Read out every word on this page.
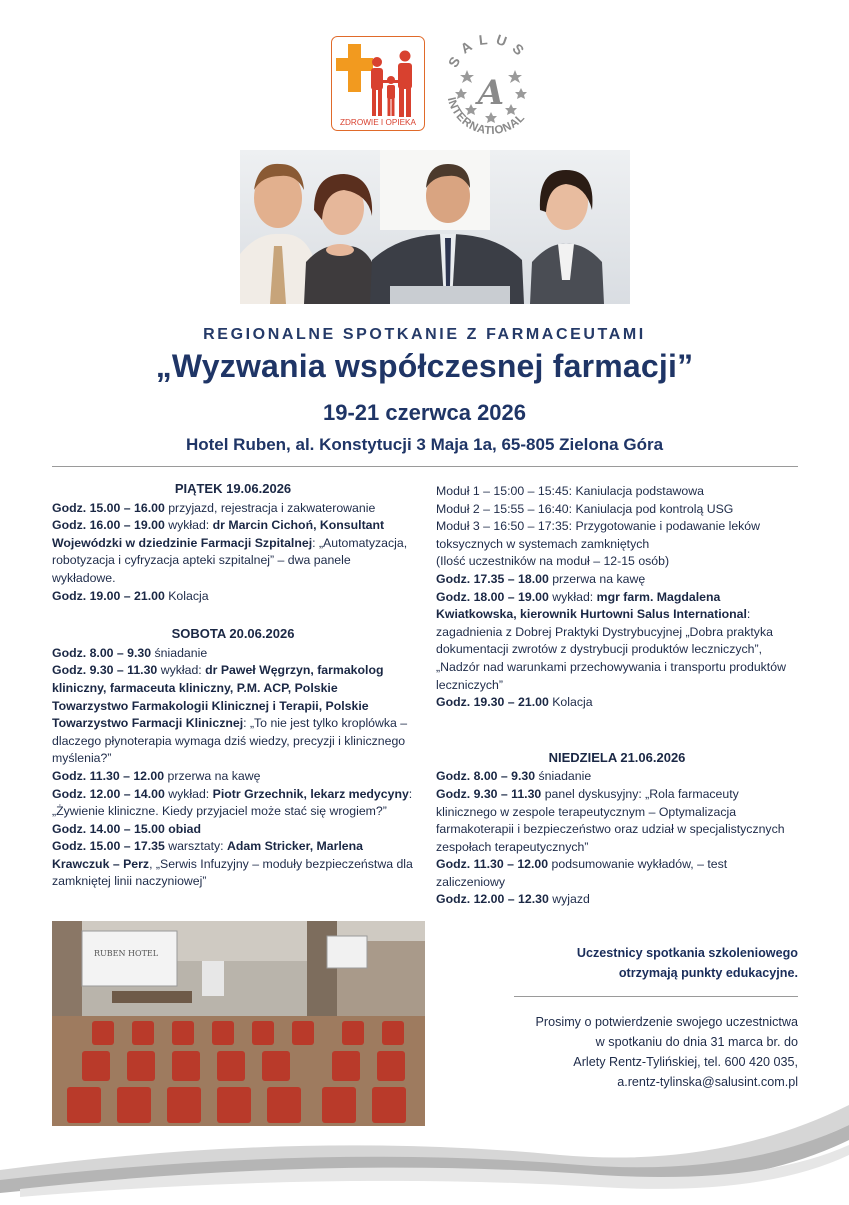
ZDROWIE I OPIEKA
SALUS
A
INTERNATIONAL
REGIONALNE SPOTKANIE Z FARMACEUTAMI
„Wyzwania współczesnej farmacji”
19-21 czerwca 2026
Hotel Ruben, al. Konstytucji 3 Maja 1a, 65-805 Zielona Góra

PIĄTEK 19.06.2026

Godz. 15.00 – 16.00 przyjazd, rejestracja i zakwaterowanie

Godz. 16.00 – 19.00 wykład: dr Marcin Cichoń, Konsultant Wojewódzki w dziedzinie Farmacji Szpitalnej: „Automatyzacja, robotyzacja i cyfryzacja apteki szpitalnej” – dwa panele wykładowe.

Godz. 19.00 – 21.00 Kolacja

SOBOTA 20.06.2026

Godz. 8.00 – 9.30 śniadanie

Godz. 9.30 – 11.30 wykład: dr Paweł Węgrzyn, farmakolog kliniczny, farmaceuta kliniczny, P.M. ACP, Polskie Towarzystwo Farmakologii Klinicznej i Terapii, Polskie Towarzystwo Farmacji Klinicznej: „To nie jest tylko kroplówka – dlaczego płynoterapia wymaga dziś wiedzy, precyzji i klinicznego myślenia?”

Godz. 11.30 – 12.00 przerwa na kawę

Godz. 12.00 – 14.00 wykład: Piotr Grzechnik, lekarz medycyny: „Żywienie kliniczne. Kiedy przyjaciel może stać się wrogiem?”

Godz. 14.00 – 15.00 obiad

Godz. 15.00 – 17.35 warsztaty: Adam Stricker, Marlena Krawczuk – Perz, „Serwis Infuzyjny – moduły bezpieczeństwa dla zamkniętej linii naczyniowej”

Moduł 1 – 15:00 – 15:45: Kaniulacja podstawowa

Moduł 2 – 15:55 – 16:40: Kaniulacja pod kontrolą USG

Moduł 3 – 16:50 – 17:35: Przygotowanie i podawanie leków toksycznych w systemach zamkniętych

(Ilość uczestników na moduł – 12-15 osób)

Godz. 17.35 – 18.00 przerwa na kawę

Godz. 18.00 – 19.00 wykład: mgr farm. Magdalena Kwiatkowska, kierownik Hurtowni Salus International: zagadnienia z Dobrej Praktyki Dystrybucyjnej „Dobra praktyka dokumentacji zwrotów z dystrybucji produktów leczniczych”, „Nadzór nad warunkami przechowywania i transportu produktów leczniczych”

Godz. 19.30 – 21.00 Kolacja

NIEDZIELA 21.06.2026

Godz. 8.00 – 9.30 śniadanie

Godz. 9.30 – 11.30 panel dyskusyjny: „Rola farmaceuty klinicznego w zespole terapeutycznym – Optymalizacja farmakoterapii i bezpieczeństwo oraz udział w specjalistycznych zespołach terapeutycznych”

Godz. 11.30 – 12.00 podsumowanie wykładów, – test zaliczeniowy

Godz. 12.00 – 12.30 wyjazd

RUBEN HOTEL	Uczestnicy spotkania szkoleniowego
otrzymają punkty edukacyjne.
Prosimy o potwierdzenie swojego uczestnictwa
w spotkaniu do dnia 31 marca br. do
Arlety Rentz-Tylińskiej, tel. 600 420 035,
a.rentz-tylinska@salusint.com.pl
